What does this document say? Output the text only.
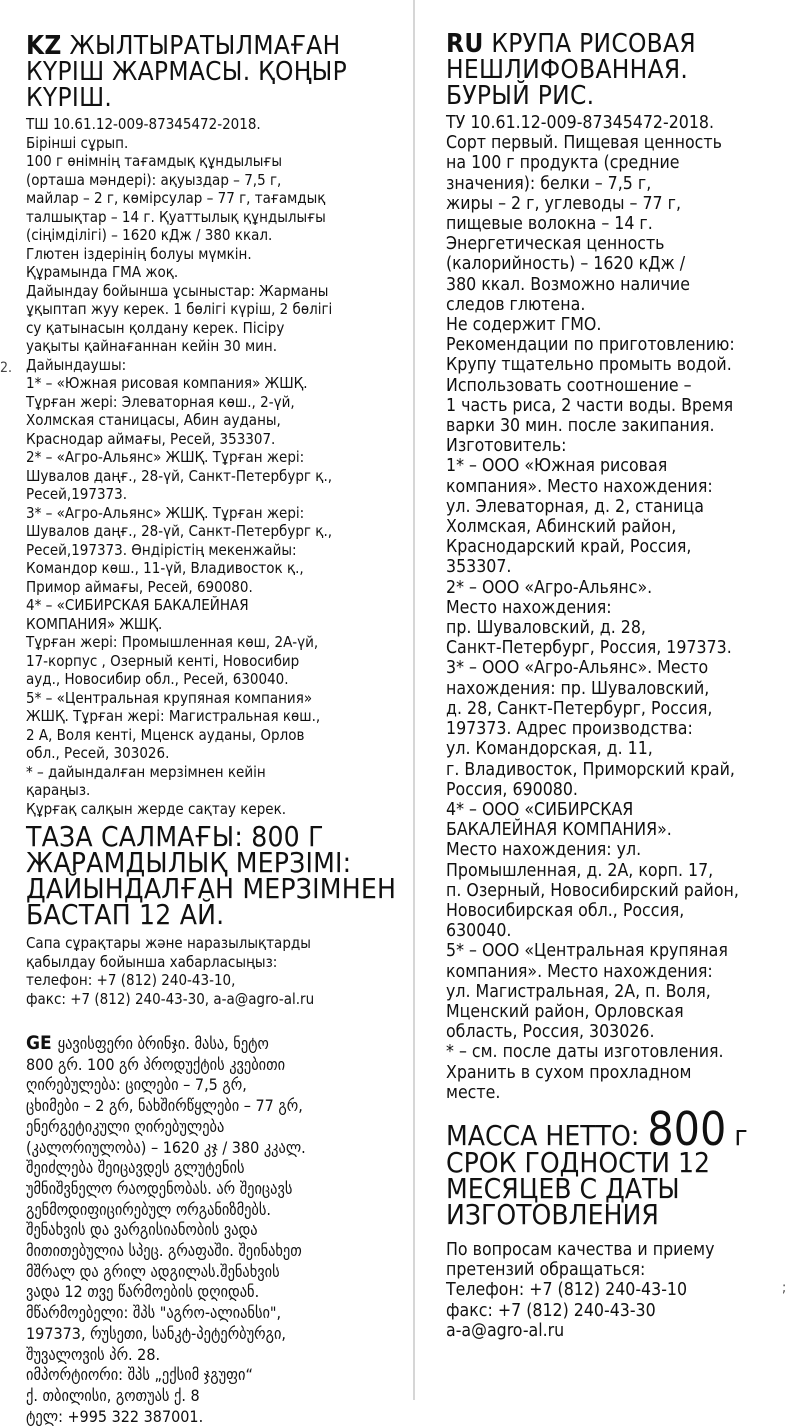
2.
;
KZ ЖЫЛТЫРАТЫЛМАҒАН КҮРІШ ЖАРМАСЫ. ҚОҢЫР КҮРІШ.

ТШ 10.61.12-009-87345472-2018.

Бірінші сұрып.

100 г өнімнің тағамдық құндылығы

(орташа мәндері): ақуыздар – 7,5 г,

майлар – 2 г, көмірсулар – 77 г, тағамдық

талшықтар – 14 г. Қуаттылық құндылығы

(сіңімділігі) – 1620 кДж / 380 ккал.

Глютен іздерінің болуы мүмкін.

Құрамында ГМА жоқ.

Дайындау бойынша ұсыныстар: Жарманы

ұқыптап жуу керек. 1 бөлігі күріш, 2 бөлігі

су қатынасын қолдану керек. Пісіру

уақыты қайнағаннан кейін 30 мин.

Дайындаушы:

1* – «Южная рисовая компания» ЖШҚ.

Тұрған жері: Элеваторная көш., 2-үй,

Холмская станицасы, Абин ауданы,

Краснодар аймағы, Ресей, 353307.

2* – «Агро-Альянс» ЖШҚ. Тұрған жері:

Шувалов даңғ., 28-үй, Санкт-Петербург қ.,

Ресей,197373.

3* – «Агро-Альянс» ЖШҚ. Тұрған жері:

Шувалов даңғ., 28-үй, Санкт-Петербург қ.,

Ресей,197373. Өндірістің мекенжайы:

Командор көш., 11-үй, Владивосток қ.,

Примор аймағы, Ресей, 690080.

4* – «СИБИРСКАЯ БАКАЛЕЙНАЯ

КОМПАНИЯ» ЖШҚ.

Тұрған жері: Промышленная көш, 2А-үй,

17-корпус , Озерный кенті, Новосибир

ауд., Новосибир обл., Ресей, 630040.

5* – «Центральная крупяная компания»

ЖШҚ. Тұрған жері: Магистральная көш.,

2 А, Воля кенті, Мценск ауданы, Орлов

обл., Ресей, 303026.

* – дайындалған мерзімнен кейін

қараңыз.

Құрғақ салқын жерде сақтау керек.

ТАЗА САЛМАҒЫ: 800 Г
ЖАРАМДЫЛЫҚ МЕРЗІМІ: ДАЙЫНДАЛҒАН МЕРЗІМНЕН БАСТАП 12 АЙ.

Сапа сұрақтары және наразылықтарды

қабылдау бойынша хабарласыңыз:

телефон: +7 (812) 240-43-10,

факс: +7 (812) 240-43-30, a-a@agro-al.ru

GE ყავისფერი ბრინჯი. მასა, ნეტო

800 გრ. 100 გრ პროდუქტის კვებითი

ღირებულება: ცილები – 7,5 გრ,

ცხიმები – 2 გრ, ნახშირწყლები – 77 გრ,

ენერგეტიკული ღირებულება

(კალორიულობა) – 1620 კჯ / 380 კკალ.

შეიძლება შეიცავდეს გლუტენის

უმნიშვნელო რაოდენობას. არ შეიცავს

გენმოდიფიცირებულ ორგანიზმებს.

შენახვის და ვარგისიანობის ვადა

მითითებულია სპეც. გრაფაში. შეინახეთ

მშრალ და გრილ ადგილას.შენახვის

ვადა 12 თვე წარმოების დღიდან.

მწარმოებელი: შპს "აგრო-ალიანსი",

197373, რუსეთი, სანკტ-პეტერბურგი,

შუვალოვის პრ. 28.

იმპორტიორი: შპს „ექსიმ ჯგუფი“

ქ. თბილისი, გოთუას ქ. 8

ტელ: +995 322 387001.

RU КРУПА РИСОВАЯ НЕШЛИФОВАННАЯ. БУРЫЙ РИС.

ТУ 10.61.12-009-87345472-2018.

Сорт первый. Пищевая ценность

на 100 г продукта (средние

значения): белки – 7,5 г,

жиры – 2 г, углеводы – 77 г,

пищевые волокна – 14 г.

Энергетическая ценность

(калорийность) – 1620 кДж /

380 ккал. Возможно наличие

следов глютена.

Не содержит ГМО.

Рекомендации по приготовлению:

Крупу тщательно промыть водой.

Использовать соотношение –

1 часть риса, 2 части воды. Время

варки 30 мин. после закипания.

Изготовитель:

1* – ООО «Южная рисовая

компания». Место нахождения:

ул. Элеваторная, д. 2, станица

Холмская, Абинский район,

Краснодарский край, Россия,

353307.

2* – ООО «Агро-Альянс».

Место нахождения:

пр. Шуваловский, д. 28,

Санкт-Петербург, Россия, 197373.

3* – ООО «Агро-Альянс». Место

нахождения: пр. Шуваловский,

д. 28, Санкт-Петербург, Россия,

197373. Адрес производства:

ул. Командорская, д. 11,

г. Владивосток, Приморский край,

Россия, 690080.

4* – ООО «СИБИРСКАЯ

БАКАЛЕЙНАЯ КОМПАНИЯ».

Место нахождения: ул.

Промышленная, д. 2А, корп. 17,

п. Озерный, Новосибирский район,

Новосибирская обл., Россия,

630040.

5* – ООО «Центральная крупяная

компания». Место нахождения:

ул. Магистральная, 2А, п. Воля,

Мценский район, Орловская

область, Россия, 303026.

* – см. после даты изготовления.

Хранить в сухом прохладном

месте.

МАССА НЕТТО: 800 г
СРОК ГОДНОСТИ 12 МЕСЯЦЕВ С ДАТЫ ИЗГОТОВЛЕНИЯ

По вопросам качества и приему

претензий обращаться:

Телефон: +7 (812) 240-43-10

факс: +7 (812) 240-43-30

a-a@agro-al.ru
